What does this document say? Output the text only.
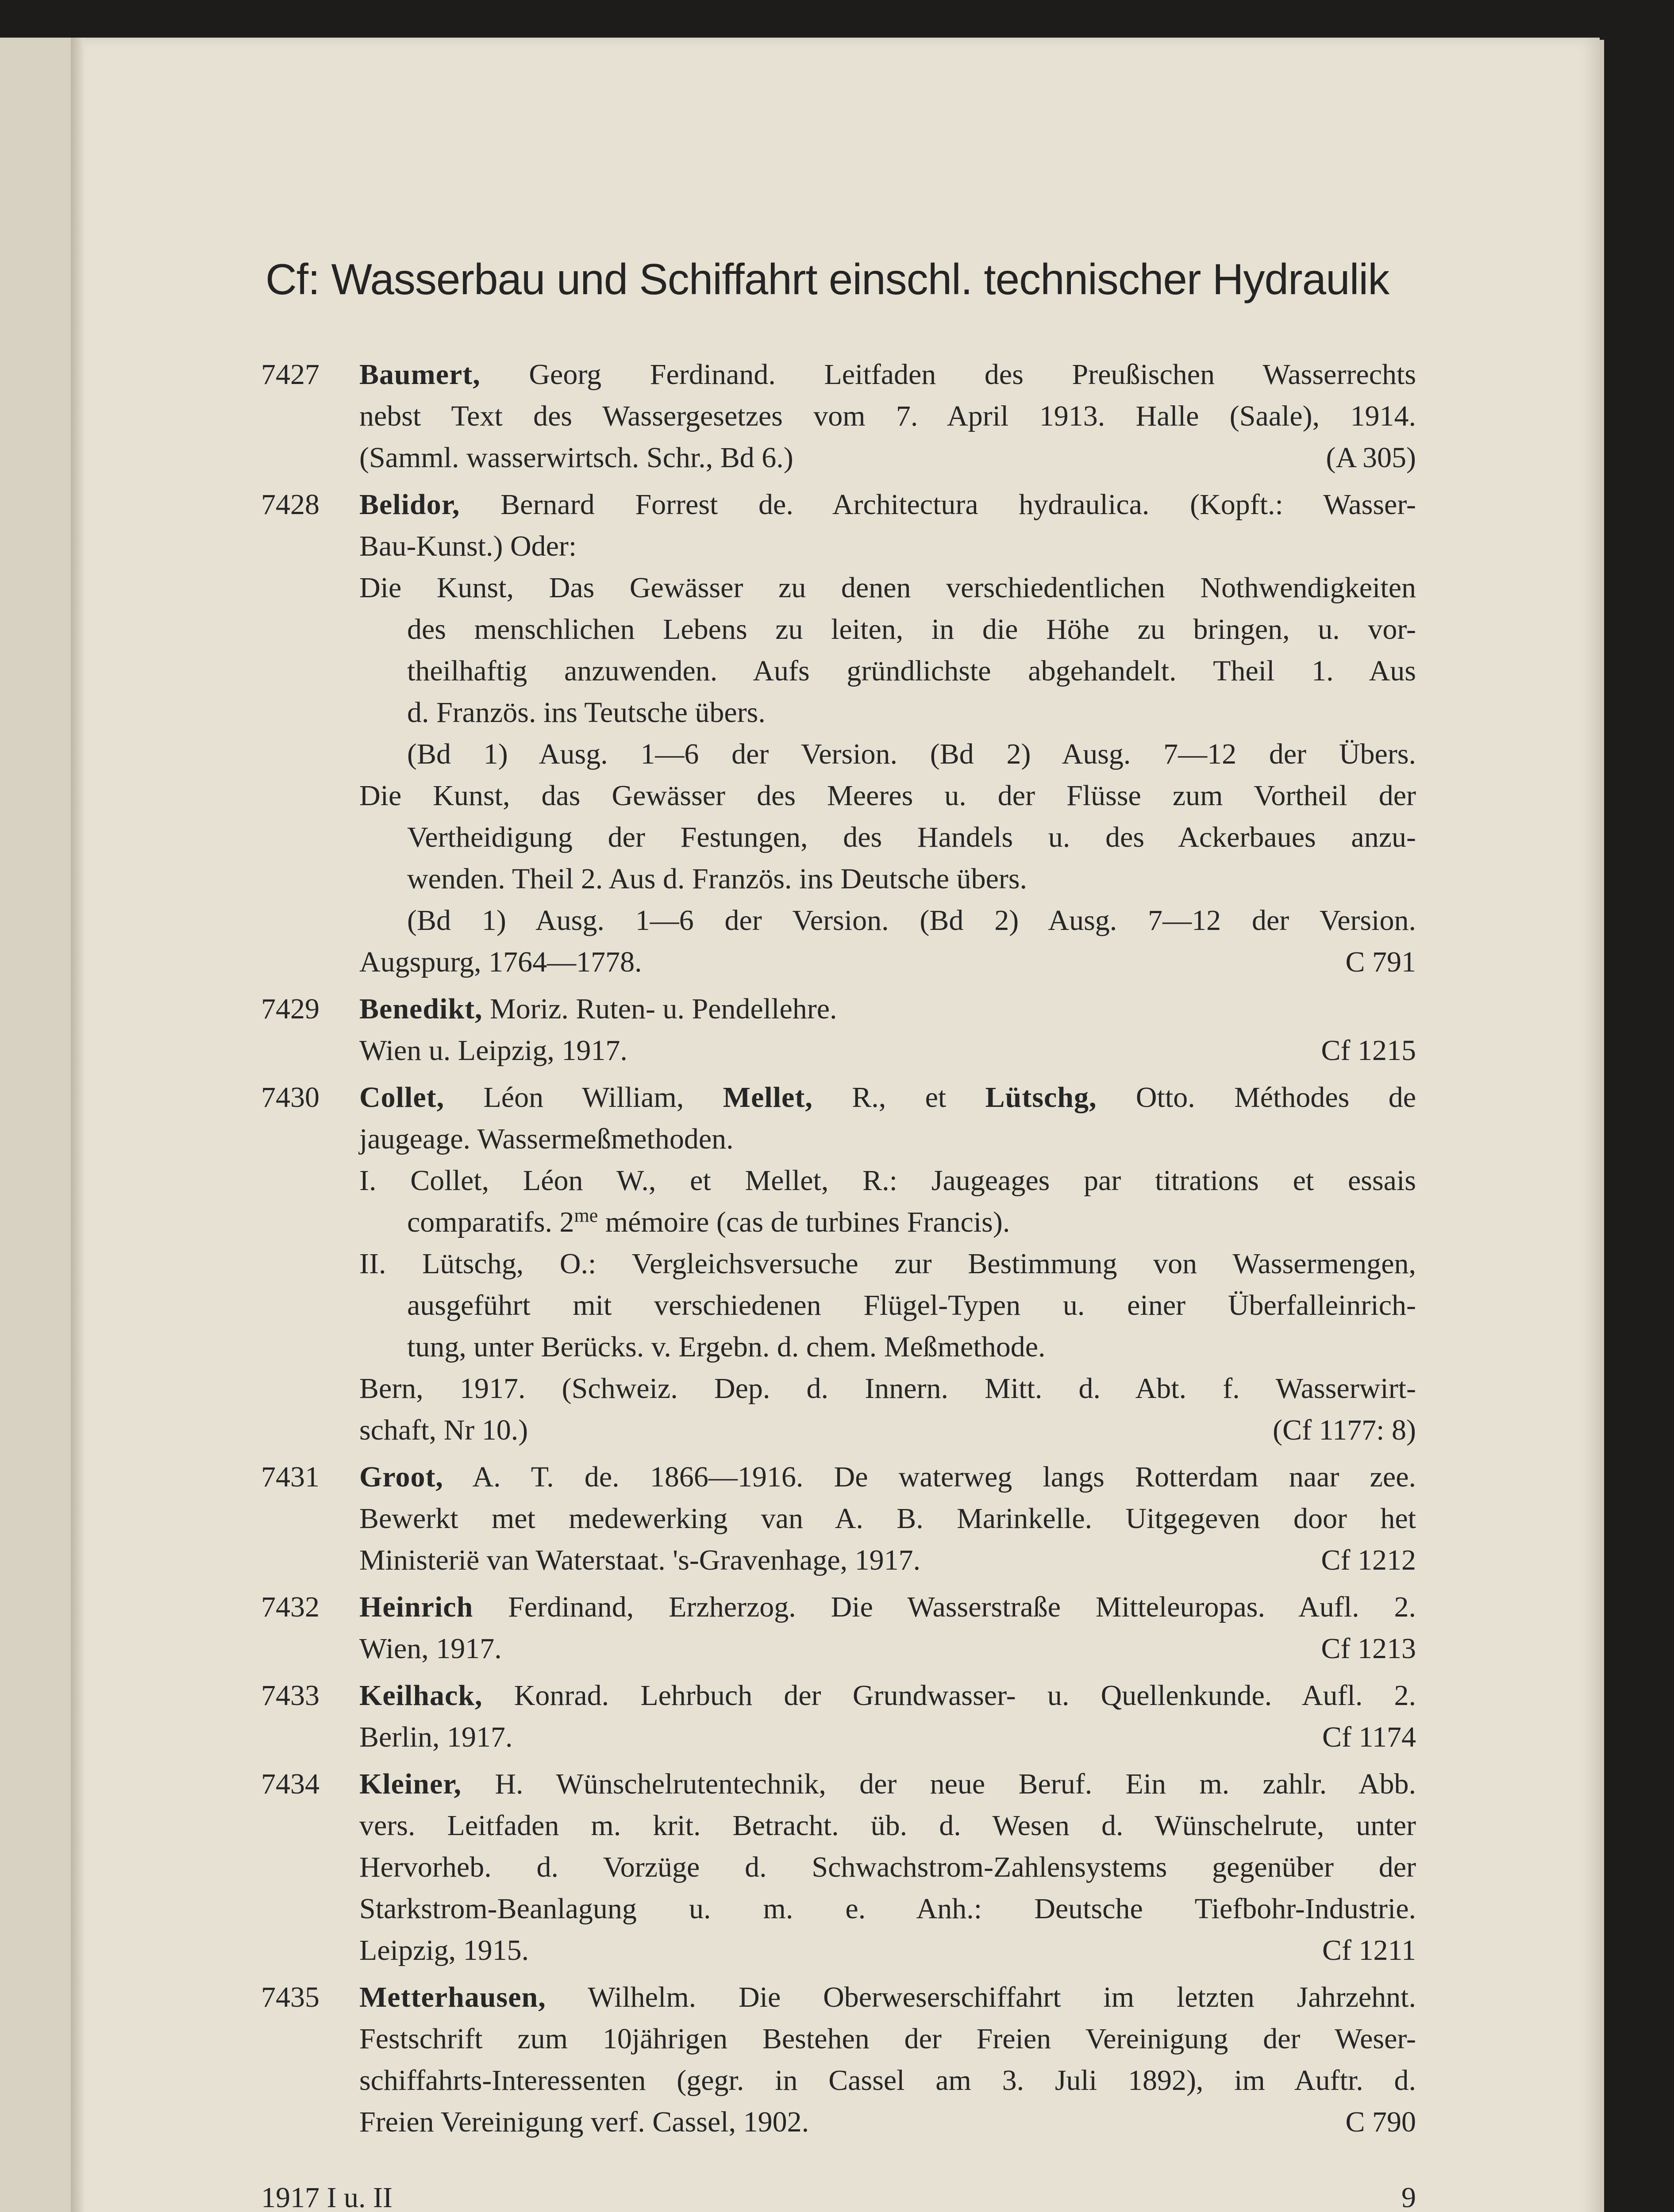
Cf: Wasserbau und Schiffahrt einschl. technischer Hydraulik
7427 Baumert, Georg Ferdinand. Leitfaden des Preußischen Wasserrechts
nebst Text des Wassergesetzes vom 7. April 1913. Halle (Saale), 1914.
(Samml. wasserwirtsch. Schr., Bd 6.)	(A 305)
7428 Belidor, Bernard Forrest de. Architectura hydraulica. (Kopft.: Wasser-
Bau-Kunst.) Oder:
Die Kunst, Das Gewässer zu denen verschiedentlichen Nothwendigkeiten
des menschlichen Lebens zu leiten, in die Höhe zu bringen, u. vor-
theilhaftig anzuwenden. Aufs gründlichste abgehandelt. Theil 1. Aus
d. Französ. ins Teutsche übers.
(Bd 1) Ausg. 1—6 der Version. (Bd 2) Ausg. 7—12 der Übers.
Die Kunst, das Gewässer des Meeres u. der Flüsse zum Vortheil der
Vertheidigung der Festungen, des Handels u. des Ackerbaues anzu-
wenden. Theil 2. Aus d. Französ. ins Deutsche übers.
(Bd 1) Ausg. 1—6 der Version. (Bd 2) Ausg. 7—12 der Version.
Augspurg, 1764—1778.	C 791
7429 Benedikt, Moriz. Ruten- u. Pendellehre.
Wien u. Leipzig, 1917.	Cf 1215
7430 Collet, Léon William, Mellet, R., et Lütschg, Otto. Méthodes de
jaugeage. Wassermeßmethoden.
I. Collet, Léon W., et Mellet, R.: Jaugeages par titrations et essais
comparatifs. $2^{me}$ mémoire (cas de turbines Francis).
II. Lütschg, O.: Vergleichsversuche zur Bestimmung von Wassermengen,
ausgeführt mit verschiedenen Flügel-Typen u. einer Überfalleinrich-
tung, unter Berücks. v. Ergebn. d. chem. Meßmethode.
Bern, 1917. (Schweiz. Dep. d. Innern. Mitt. d. Abt. f. Wasserwirt-
schaft, Nr 10.)	(Cf 1177: 8)
7431 Groot, A. T. de. 1866—1916. De waterweg langs Rotterdam naar zee.
Bewerkt met medewerking van A. B. Marinkelle. Uitgegeven door het
Ministerië van Waterstaat. 's-Gravenhage, 1917.	Cf 1212
7432 Heinrich Ferdinand, Erzherzog. Die Wasserstraße Mitteleuropas. Aufl. 2.
Wien, 1917.	Cf 1213
7433 Keilhack, Konrad. Lehrbuch der Grundwasser- u. Quellenkunde. Aufl. 2.
Berlin, 1917.	Cf 1174
7434 Kleiner, H. Wünschelrutentechnik, der neue Beruf. Ein m. zahlr. Abb.
vers. Leitfaden m. krit. Betracht. üb. d. Wesen d. Wünschelrute, unter
Hervorheb. d. Vorzüge d. Schwachstrom-Zahlensystems gegenüber der
Starkstrom-Beanlagung u. m. e. Anh.: Deutsche Tiefbohr-Industrie.
Leipzig, 1915.	Cf 1211
7435 Metterhausen, Wilhelm. Die Oberweserschiffahrt im letzten Jahrzehnt.
Festschrift zum 10jährigen Bestehen der Freien Vereinigung der Weser-
schiffahrts-Interessenten (gegr. in Cassel am 3. Juli 1892), im Auftr. d.
Freien Vereinigung verf. Cassel, 1902.	C 790
1917 I u. II	9
